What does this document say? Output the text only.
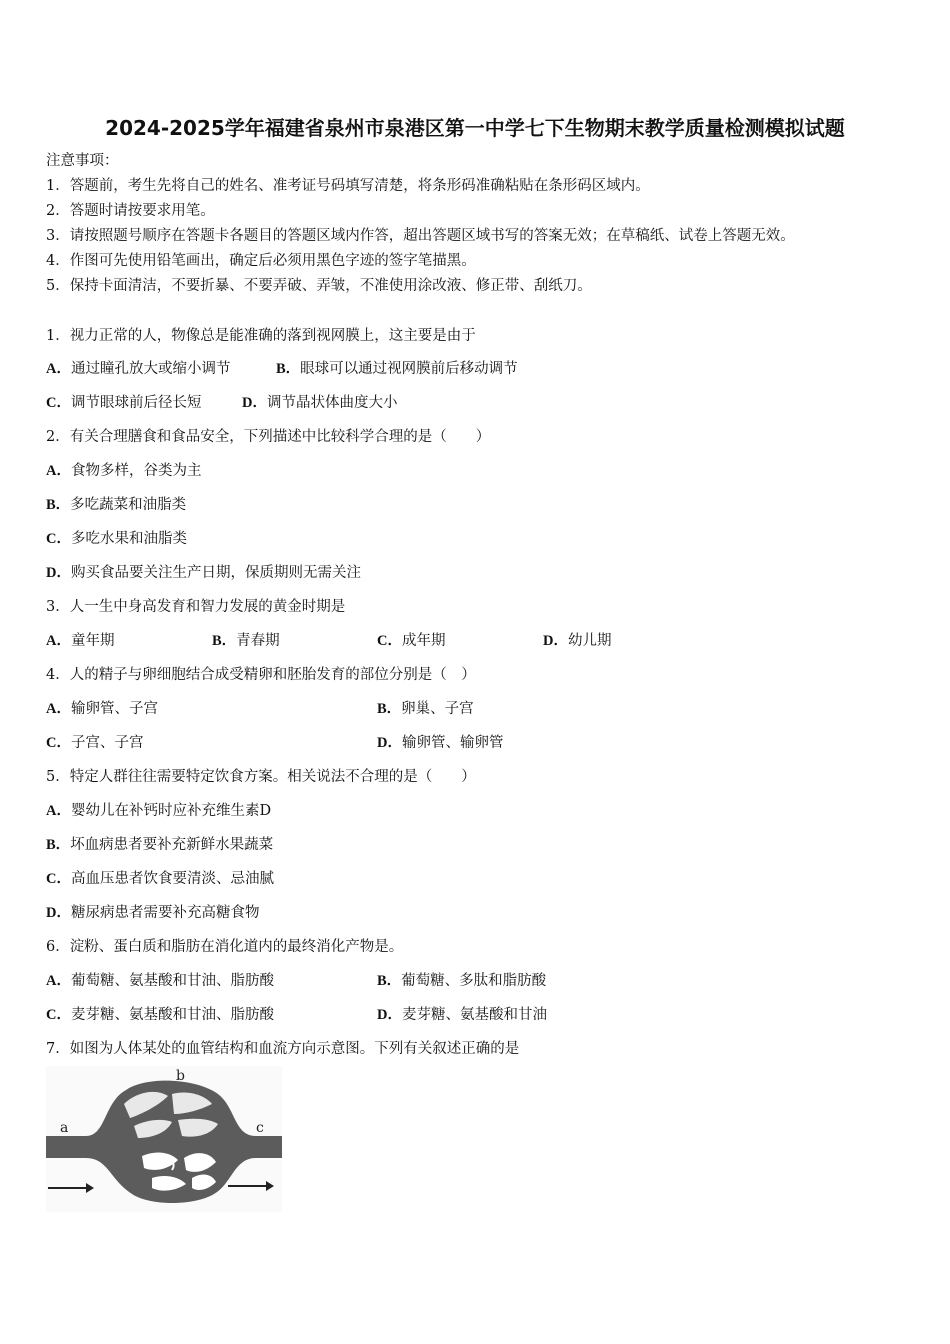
2024-2025学年福建省泉州市泉港区第一中学七下生物期末教学质量检测模拟试题
注意事项：
1．答题前，考生先将自己的姓名、准考证号码填写清楚，将条形码准确粘贴在条形码区域内。
2．答题时请按要求用笔。
3．请按照题号顺序在答题卡各题目的答题区域内作答，超出答题区域书写的答案无效；在草稿纸、试卷上答题无效。
4．作图可先使用铅笔画出，确定后必须用黑色字迹的签字笔描黑。
5．保持卡面清洁，不要折暴、不要弄破、弄皱，不准使用涂改液、修正带、刮纸刀。
1．视力正常的人，物像总是能准确的落到视网膜上，这主要是由于
A．通过瞳孔放大或缩小调节	B．眼球可以通过视网膜前后移动调节
C．调节眼球前后径长短	D．调节晶状体曲度大小
2．有关合理膳食和食品安全，下列描述中比较科学合理的是（　　）
A．食物多样，谷类为主
B．多吃蔬菜和油脂类
C．多吃水果和油脂类
D．购买食品要关注生产日期，保质期则无需关注
3．人一生中身高发育和智力发展的黄金时期是
A．童年期	B．青春期	C．成年期	D．幼儿期
4．人的精子与卵细胞结合成受精卵和胚胎发育的部位分别是（　）
A．输卵管、子宫	B．卵巢、子宫
C．子宫、子宫	D．输卵管、输卵管
5．特定人群往往需要特定饮食方案。相关说法不合理的是（　　）
A．婴幼儿在补钙时应补充维生素D
B．坏血病患者要补充新鲜水果蔬菜
C．高血压患者饮食要清淡、忌油腻
D．糖尿病患者需要补充高糖食物
6．淀粉、蛋白质和脂肪在消化道内的最终消化产物是。
A．葡萄糖、氨基酸和甘油、脂肪酸	B．葡萄糖、多肽和脂肪酸
C．麦芽糖、氨基酸和甘油、脂肪酸	D．麦芽糖、氨基酸和甘油
7．如图为人体某处的血管结构和血流方向示意图。下列有关叙述正确的是
a
b
c
